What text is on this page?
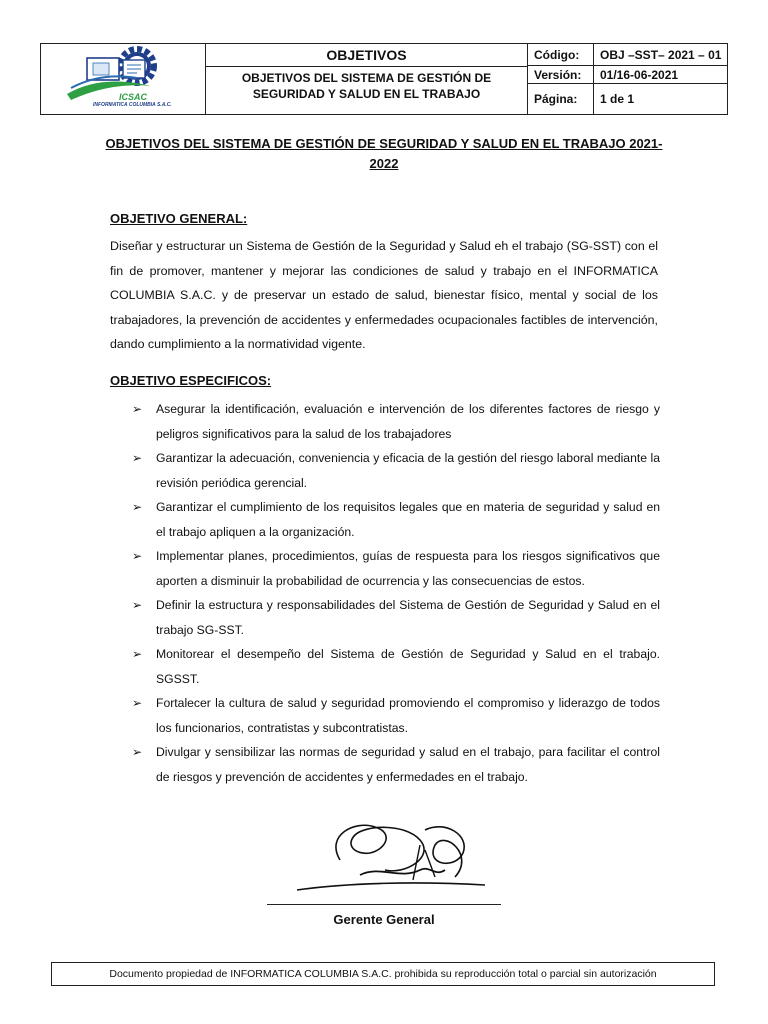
ICSAC
INFORMATICA COLUMBIA S.A.C.
OBJETIVOS
OBJETIVOS DEL SISTEMA DE GESTIÓN DE
SEGURIDAD Y SALUD EN EL TRABAJO
Código:	OBJ –SST– 2021 – 01
Versión:	01/16-06-2021
Página:	1 de 1
OBJETIVOS DEL SISTEMA DE GESTIÓN DE SEGURIDAD Y SALUD EN EL TRABAJO 2021-
2022
OBJETIVO GENERAL:
Diseñar y estructurar un Sistema de Gestión de la Seguridad y Salud eh el trabajo (SG-SST) con el fin de promover, mantener y mejorar las condiciones de salud y trabajo en el INFORMATICA COLUMBIA S.A.C. y de preservar un estado de salud, bienestar físico, mental y social de los trabajadores, la prevención de accidentes y enfermedades ocupacionales factibles de intervención, dando cumplimiento a la normatividad vigente.
OBJETIVO ESPECIFICOS:
➢ Asegurar la identificación, evaluación e intervención de los diferentes factores de riesgo y peligros significativos para la salud de los trabajadores
➢ Garantizar la adecuación, conveniencia y eficacia de la gestión del riesgo laboral mediante la revisión periódica gerencial.
➢ Garantizar el cumplimiento de los requisitos legales que en materia de seguridad y salud en el trabajo apliquen a la organización.
➢ Implementar planes, procedimientos, guías de respuesta para los riesgos significativos que aporten a disminuir la probabilidad de ocurrencia y las consecuencias de estos.
➢ Definir la estructura y responsabilidades del Sistema de Gestión de Seguridad y Salud en el trabajo SG-SST.
➢ Monitorear el desempeño del Sistema de Gestión de Seguridad y Salud en el trabajo. SGSST.
➢ Fortalecer la cultura de salud y seguridad promoviendo el compromiso y liderazgo de todos los funcionarios, contratistas y subcontratistas.
➢ Divulgar y sensibilizar las normas de seguridad y salud en el trabajo, para facilitar el control de riesgos y prevención de accidentes y enfermedades en el trabajo.
Gerente General
Documento propiedad de INFORMATICA COLUMBIA S.A.C. prohibida su reproducción total o parcial sin autorización
